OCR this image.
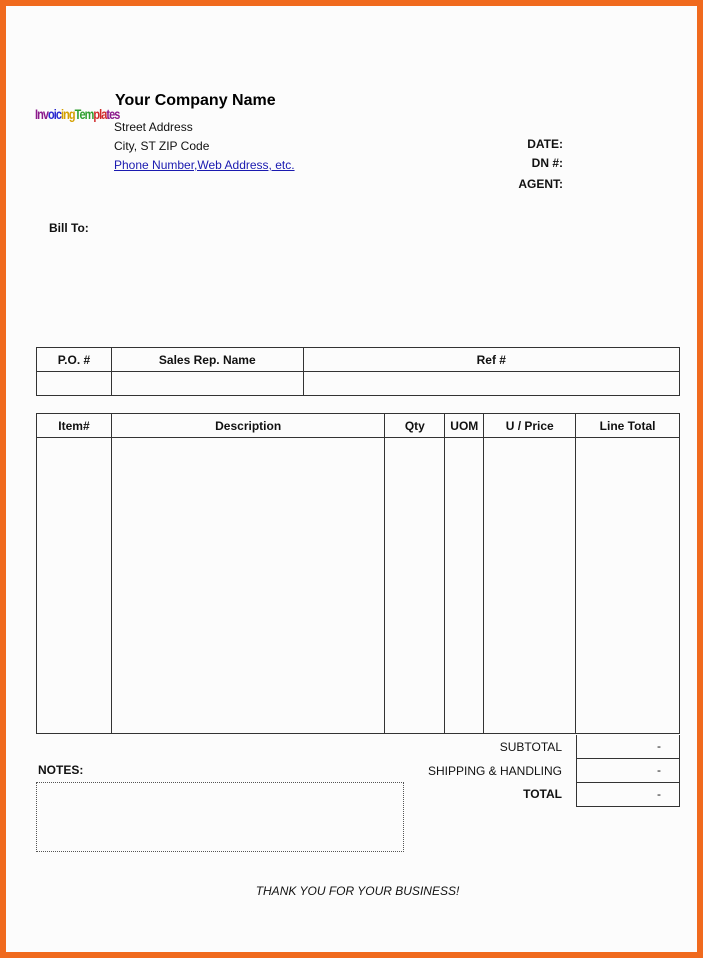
InvoicingTemplates
Your Company Name
Street Address
City, ST ZIP Code
Phone Number,Web Address, etc.
DATE:
DN #:
AGENT:
Bill To:
P.O. #	Sales Rep. Name	Ref #

Item#	Description	Qty	UOM	U / Price	Line Total

SUBTOTAL	-
SHIPPING & HANDLING	-
TOTAL	-
NOTES:
THANK YOU FOR YOUR BUSINESS!
